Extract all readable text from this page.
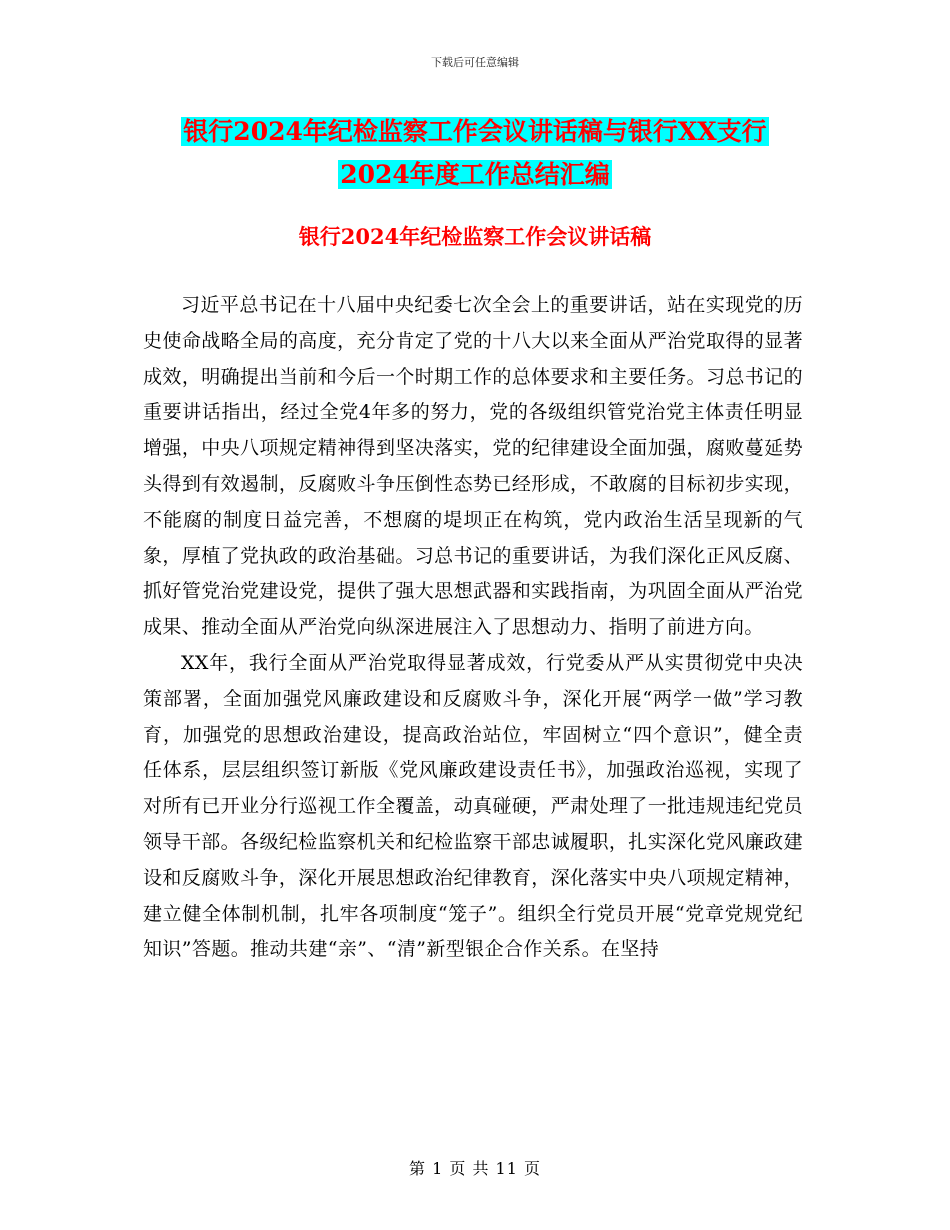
下载后可任意编辑
银行2024年纪检监察工作会议讲话稿与银行XX支行
2024年度工作总结汇编
银行2024年纪检监察工作会议讲话稿

习近平总书记在十八届中央纪委七次全会上的重要讲话，站在实现党的历史使命战略全局的高度，充分肯定了党的十八大以来全面从严治党取得的显著成效，明确提出当前和今后一个时期工作的总体要求和主要任务。习总书记的重要讲话指出，经过全党4年多的努力，党的各级组织管党治党主体责任明显增强，中央八项规定精神得到坚决落实，党的纪律建设全面加强，腐败蔓延势头得到有效遏制，反腐败斗争压倒性态势已经形成，不敢腐的目标初步实现，不能腐的制度日益完善，不想腐的堤坝正在构筑，党内政治生活呈现新的气象，厚植了党执政的政治基础。习总书记的重要讲话，为我们深化正风反腐、抓好管党治党建设党，提供了强大思想武器和实践指南，为巩固全面从严治党成果、推动全面从严治党向纵深进展注入了思想动力、指明了前进方向。

XX年，我行全面从严治党取得显著成效，行党委从严从实贯彻党中央决策部署，全面加强党风廉政建设和反腐败斗争，深化开展“两学一做”学习教育，加强党的思想政治建设，提高政治站位，牢固树立“四个意识”，健全责任体系，层层组织签订新版《党风廉政建设责任书》，加强政治巡视，实现了对所有已开业分行巡视工作全覆盖，动真碰硬，严肃处理了一批违规违纪党员领导干部。各级纪检监察机关和纪检监察干部忠诚履职，扎实深化党风廉政建设和反腐败斗争，深化开展思想政治纪律教育，深化落实中央八项规定精神，建立健全体制机制，扎牢各项制度“笼子”。组织全行党员开展“党章党规党纪知识”答题。推动共建“亲”、“清”新型银企合作关系。在坚持

第 1 页 共 11 页
